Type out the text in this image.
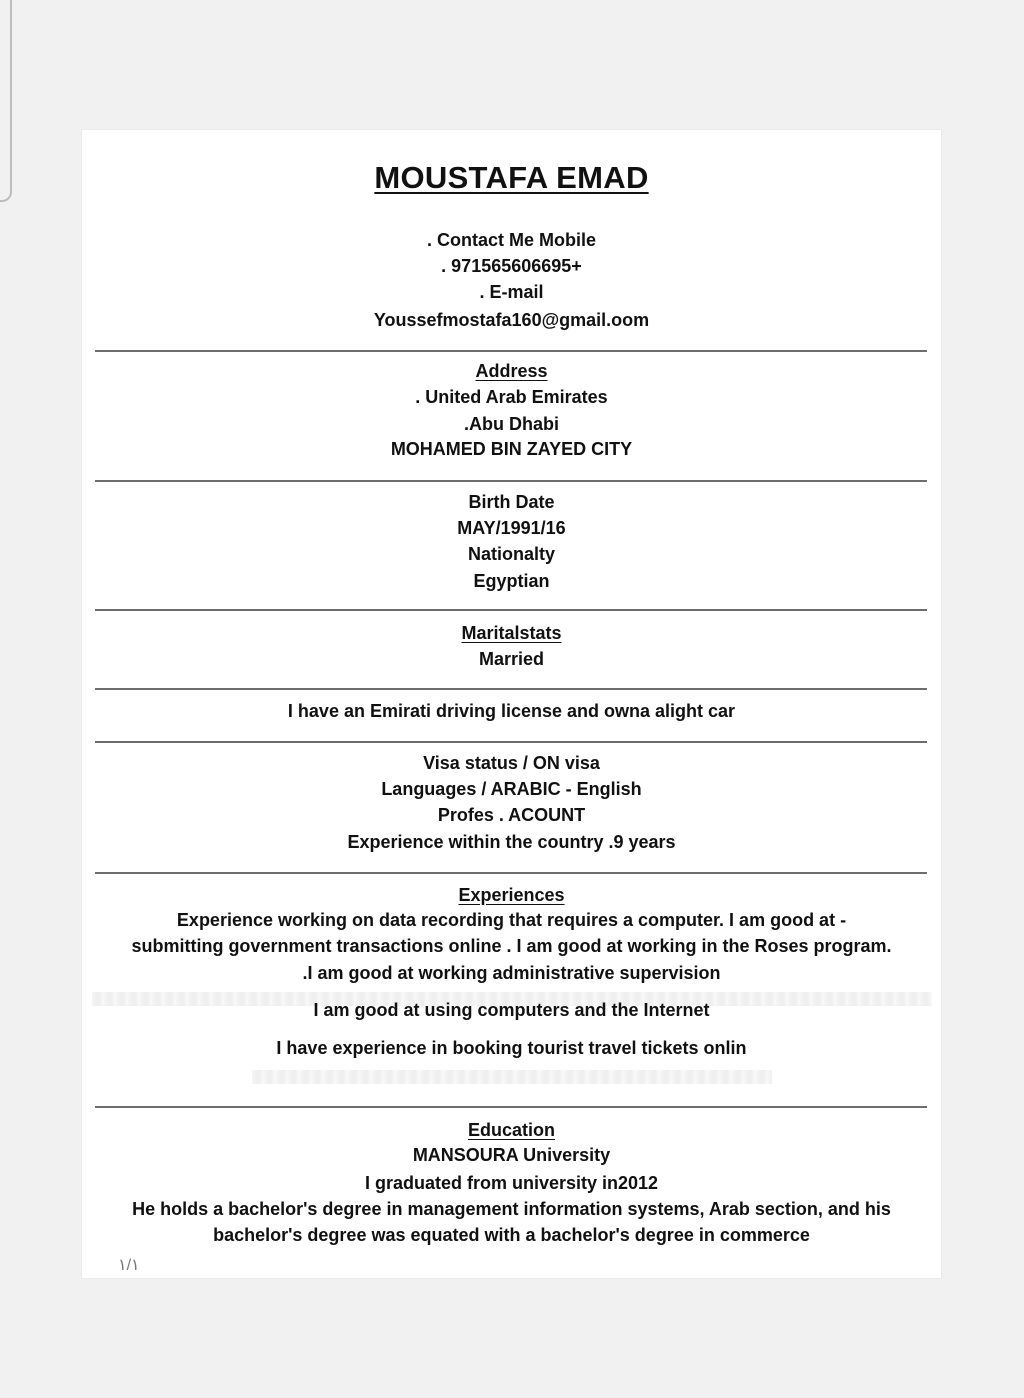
MOUSTAFA EMAD
. Contact Me Mobile
. 971565606695+
. E-mail
Youssefmostafa160@gmail.oom
Address
. United Arab Emirates
.Abu Dhabi
MOHAMED BIN ZAYED CITY
Birth Date
MAY/1991/16
Nationalty
Egyptian
Maritalstats
Married
I have an Emirati driving license and owna alight car
Visa status / ON visa
Languages / ARABIC - English
Profes . ACOUNT
Experience within the country .9 years
Experiences
Experience working on data recording that requires a computer. I am good at -
submitting government transactions online . I am good at working in the Roses program.
.I am good at working administrative supervision
I am good at using computers and the Internet
I have experience in booking tourist travel tickets onlin
Education
MANSOURA University
I graduated from university in2012
He holds a bachelor's degree in management information systems, Arab section, and his
bachelor's degree was equated with a bachelor's degree in commerce
١/١
